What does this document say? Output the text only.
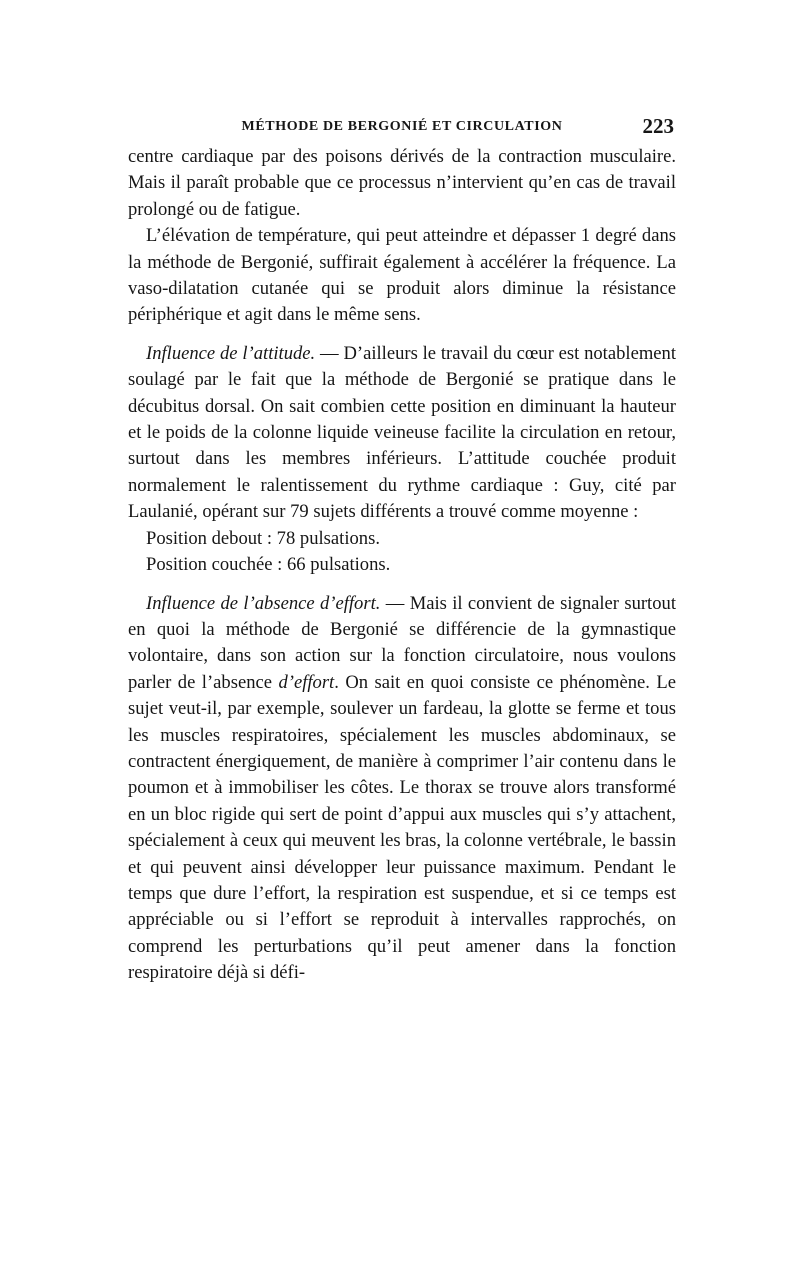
MÉTHODE DE BERGONIÉ ET CIRCULATION	223

centre cardiaque par des poisons dérivés de la contraction musculaire. Mais il paraît probable que ce processus n’intervient qu’en cas de travail prolongé ou de fatigue.

L’élévation de température, qui peut atteindre et dépasser 1 degré dans la méthode de Bergonié, suffirait également à accélérer la fréquence. La vaso-dilatation cutanée qui se produit alors diminue la résistance périphérique et agit dans le même sens.

Influence de l’attitude. — D’ailleurs le travail du cœur est notablement soulagé par le fait que la méthode de Bergonié se pratique dans le décubitus dorsal. On sait combien cette position en diminuant la hauteur et le poids de la colonne liquide veineuse facilite la circulation en retour, surtout dans les membres inférieurs. L’attitude couchée produit normalement le ralentissement du rythme cardiaque : Guy, cité par Laulanié, opérant sur 79 sujets différents a trouvé comme moyenne :

Position debout : 78 pulsations.

Position couchée : 66 pulsations.

Influence de l’absence d’effort. — Mais il convient de signaler surtout en quoi la méthode de Bergonié se différencie de la gymnastique volontaire, dans son action sur la fonction circulatoire, nous voulons parler de l’absence d’effort. On sait en quoi consiste ce phénomène. Le sujet veut-il, par exemple, soulever un fardeau, la glotte se ferme et tous les muscles respiratoires, spécialement les muscles abdominaux, se contractent énergiquement, de manière à comprimer l’air contenu dans le poumon et à immobiliser les côtes. Le thorax se trouve alors transformé en un bloc rigide qui sert de point d’appui aux muscles qui s’y attachent, spécialement à ceux qui meuvent les bras, la colonne vertébrale, le bassin et qui peuvent ainsi développer leur puissance maximum. Pendant le temps que dure l’effort, la respiration est suspendue, et si ce temps est appréciable ou si l’effort se reproduit à intervalles rapprochés, on comprend les perturbations qu’il peut amener dans la fonction respiratoire déjà si défi-
